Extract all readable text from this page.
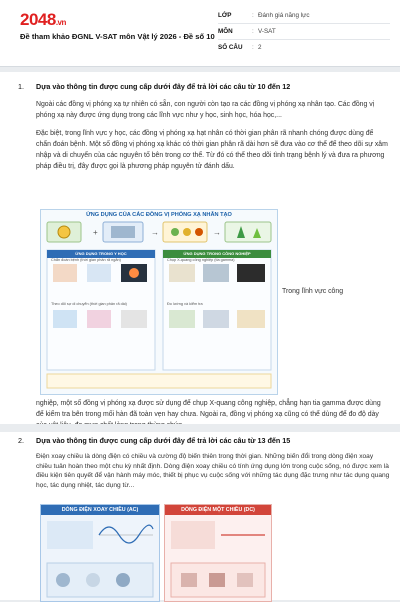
2048.vn
Đề tham khảo ĐGNL V-SAT môn Vật lý 2026 - Đề số 10
LỚP	: Đánh giá năng lực
MÔN	: V-SAT
SỐ CÂU	: 2
1.	Dựa vào thông tin được cung cấp dưới đây để trả lời các câu từ 10 đến 12
Ngoài các đồng vị phóng xạ tự nhiên có sẵn, con người còn tạo ra các đồng vị phóng xạ nhân tạo. Các đồng vị phóng xạ này được ứng dụng trong các lĩnh vực như y học, sinh học, hóa học,...
Đặc biệt, trong lĩnh vực y học, các đồng vị phóng xạ hạt nhân có thời gian phân rã nhanh chóng được dùng để chẩn đoán bệnh. Một số đồng vị phóng xạ khác có thời gian phân rã dài hơn sẽ đưa vào cơ thể để theo dõi sự xâm nhập và di chuyển của các nguyên tố bên trong cơ thể. Từ đó có thể theo dõi tình trạng bệnh lý và đưa ra phương pháp điều trị, đây được gọi là phương pháp nguyên tử đánh dấu.
ỨNG DỤNG CỦA CÁC ĐỒNG VỊ PHÓNG XẠ NHÂN TẠO
+	→	→
ỨNG DỤNG TRONG Y HỌC	ỨNG DỤNG TRONG CÔNG NGHIỆP
Chẩn đoán bệnh (thời gian phân rã ngắn)
Theo dõi sự di chuyển (thời gian phân rã dài)
Chụp X-quang công nghiệp (tia gamma)
Đo lường và kiểm tra
Trong lĩnh vực công
nghiệp, một số đồng vị phóng xạ được sử dụng để chụp X-quang công nghiệp, chẳng hạn tia gamma được dùng để kiểm tra bên trong mối hàn đã toàn vẹn hay chưa. Ngoài ra, đồng vị phóng xạ cũng có thể dùng để đo độ dày
2.	Dựa vào thông tin được cung cấp dưới đây để trả lời các câu từ 13 đến 15
Điện xoay chiều là dòng điện có chiều và cường độ biến thiên trong thời gian. Những biến đổi trong dòng điện xoay chiều tuân hoàn theo một chu kỳ nhất định. Dòng điện xoay chiều có tính ứng dụng lớn trong cuộc sống, nó được xem là điều kiện tiên quyết để vận hành máy móc, thiết bị phục vụ cuộc sống với những tác dụng đặc trưng như tác dụng quang học, tác dụng nhiệt, tác dụng từ...
DÒNG ĐIỆN XOAY CHIỀU (AC)	DÒNG ĐIỆN MỘT CHIỀU (DC)
